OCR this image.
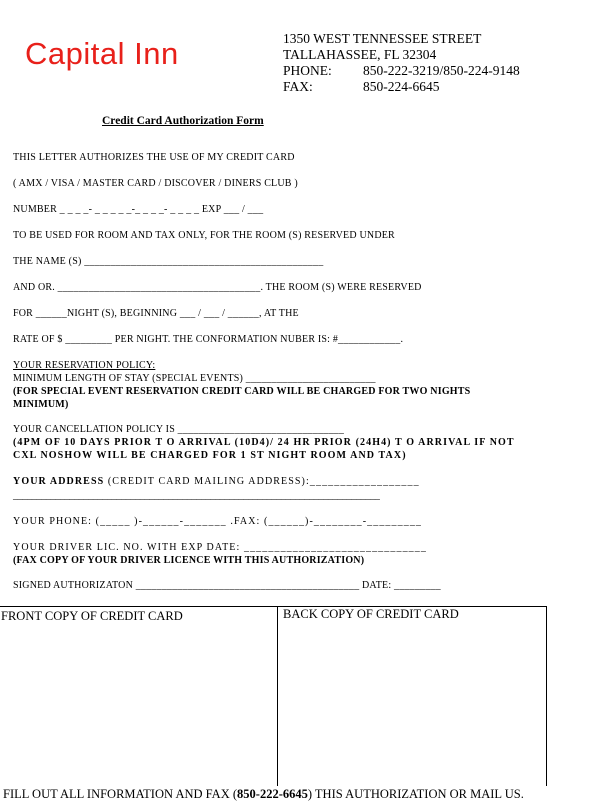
Capital Inn	1350 WEST TENNESSEE STREET
TALLAHASSEE, FL 32304
PHONE: 850-222-3219/850-224-9148
FAX:	850-224-6645
Credit Card Authorization Form
THIS LETTER AUTHORIZES THE USE OF MY CREDIT CARD
( AMX / VISA / MASTER CARD / DISCOVER / DINERS CLUB )
NUMBER _ _ _ _- _ _ _ _ _-_ _ _ _- _ _ _ _ EXP ___ / ___
TO BE USED FOR ROOM AND TAX ONLY, FOR THE ROOM (S) RESERVED UNDER
THE NAME (S) ______________________________________________
AND OR. _______________________________________. THE ROOM (S) WERE RESERVED
FOR ______NIGHT (S), BEGINNING ___ / ___ / ______, AT THE
RATE OF $ _________ PER NIGHT. THE CONFORMATION NUBER IS: #____________.
YOUR RESERVATION POLICY:
MINIMUM LENGTH OF STAY (SPECIAL EVENTS) _________________________
(FOR SPECIAL EVENT RESERVATION CREDIT CARD WILL BE CHARGED FOR TWO NIGHTS
MINIMUM)
YOUR CANCELLATION POLICY IS ________________________________
(4PM OF 10 DAYS PRIOR T O ARRIVAL (10D4)/ 24 HR PRIOR (24H4) T O ARRIVAL IF NOT
CXL NOSHOW WILL BE CHARGED FOR 1 ST NIGHT ROOM AND TAX)
YOUR ADDRESS (CREDIT CARD MAILING ADDRESS):__________________
______________________________________________________________________________
YOUR PHONE: (_____ )-______-_______ .FAX: (______)-________-_________
YOUR DRIVER LIC. NO. WITH EXP DATE: ______________________________
(FAX COPY OF YOUR DRIVER LICENCE WITH THIS AUTHORIZATION)
SIGNED AUTHORIZATON ___________________________________________ DATE: _________
FRONT COPY OF CREDIT CARD	BACK COPY OF CREDIT CARD
FILL OUT ALL INFORMATION AND FAX (850-222-6645) THIS AUTHORIZATION OR MAIL US.
